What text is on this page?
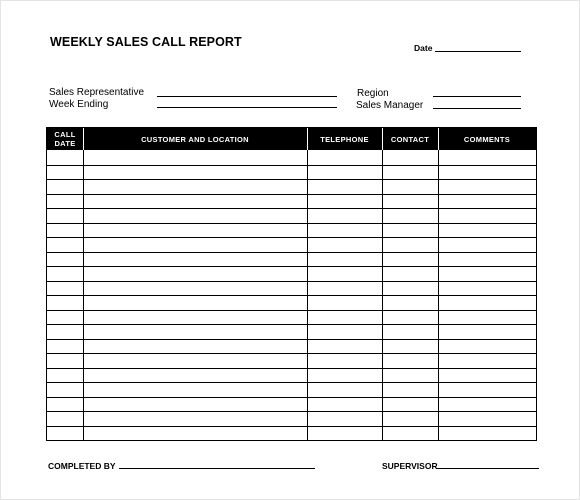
WEEKLY SALES CALL REPORT	Date
Sales Representative
Week Ending
Region
Sales Manager
CALL
DATE	CUSTOMER AND LOCATION	TELEPHONE	CONTACT	COMMENTS
COMPLETED BY	SUPERVISOR
